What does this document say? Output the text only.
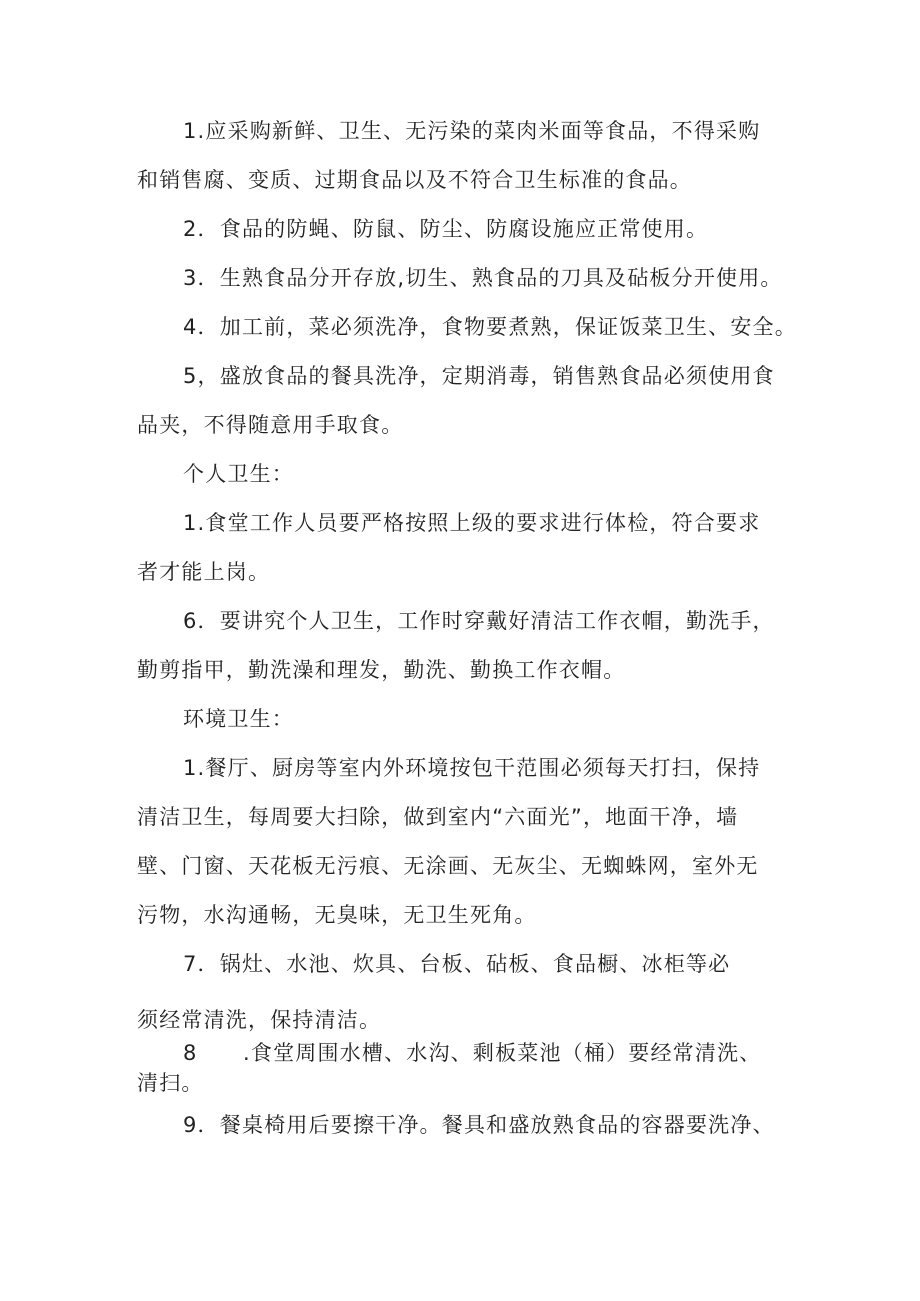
1.应采购新鲜、卫生、无污染的菜肉米面等食品，不得采购
和销售腐、变质、过期食品以及不符合卫生标准的食品。
2．食品的防蝇、防鼠、防尘、防腐设施应正常使用。
3．生熟食品分开存放,切生、熟食品的刀具及砧板分开使用。
4．加工前，菜必须洗净，食物要煮熟，保证饭菜卫生、安全。
5，盛放食品的餐具洗净，定期消毒，销售熟食品必须使用食
品夹，不得随意用手取食。
个人卫生：
1.食堂工作人员要严格按照上级的要求进行体检，符合要求
者才能上岗。
6．要讲究个人卫生，工作时穿戴好清洁工作衣帽，勤洗手，
勤剪指甲，勤洗澡和理发，勤洗、勤换工作衣帽。
环境卫生：
1.餐厅、厨房等室内外环境按包干范围必须每天打扫，保持
清洁卫生，每周要大扫除，做到室内“六面光”，地面干净，墙
壁、门窗、天花板无污痕、无涂画、无灰尘、无蜘蛛网，室外无
污物，水沟通畅，无臭味，无卫生死角。
7．锅灶、水池、炊具、台板、砧板、食品橱、冰柜等必
须经常清洗，保持清洁。
8 .食堂周围水槽、水沟、剩板菜池（桶）要经常清洗、
清扫。
9．餐桌椅用后要擦干净。餐具和盛放熟食品的容器要洗净、
